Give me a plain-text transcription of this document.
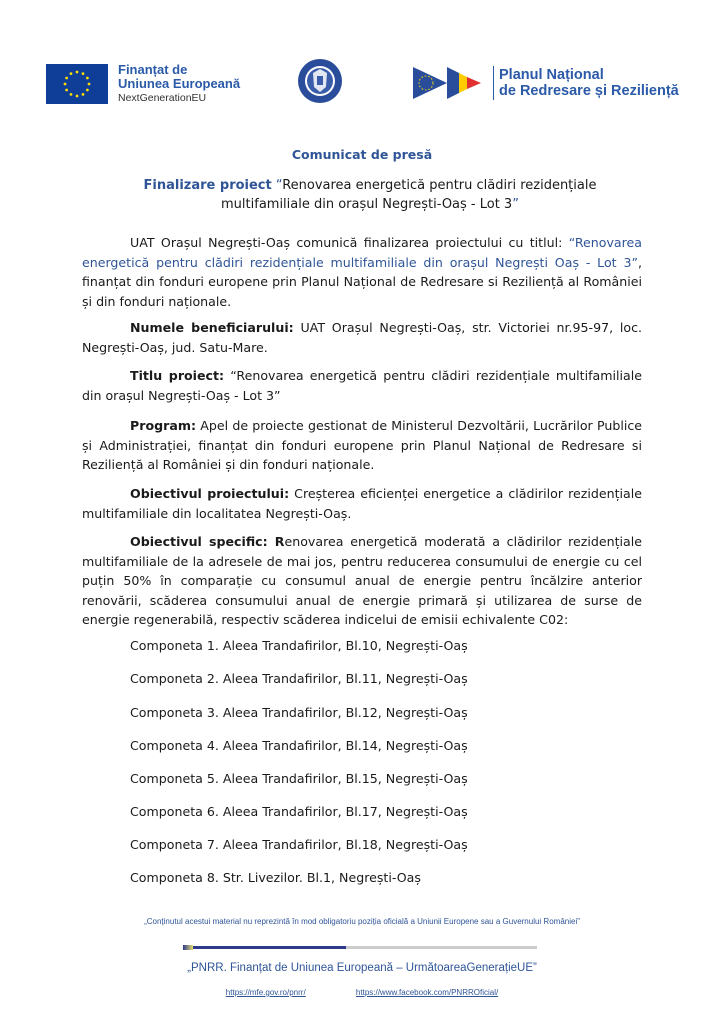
Finanțat de
Uniunea Europeană
NextGenerationEU
Planul Național
de Redresare și Reziliență
Comunicat de presă
Finalizare proiect “Renovarea energetică pentru clădiri rezidențiale multifamiliale din orașul Negrești-Oaș - Lot 3”
UAT Orașul Negrești-Oaș comunică finalizarea proiectului cu titlul: “Renovarea energetică pentru clădiri rezidențiale multifamiliale din orașul Negrești Oaș - Lot 3”, finanțat din fonduri europene prin Planul Național de Redresare si Reziliență al României și din fonduri naționale.
Numele beneficiarului: UAT Orașul Negrești-Oaș, str. Victoriei nr.95-97, loc. Negrești-Oaș, jud. Satu-Mare.
Titlu proiect: “Renovarea energetică pentru clădiri rezidențiale multifamiliale din orașul Negrești-Oaș - Lot 3”
Program: Apel de proiecte gestionat de Ministerul Dezvoltării, Lucrărilor Publice și Administrației, finanțat din fonduri europene prin Planul Național de Redresare si Reziliență al României și din fonduri naționale.
Obiectivul proiectului: Creșterea eficienței energetice a clădirilor rezidențiale multifamiliale din localitatea Negrești-Oaș.
Obiectivul specific: Renovarea energetică moderată a clădirilor rezidențiale multifamiliale de la adresele de mai jos, pentru reducerea consumului de energie cu cel puțin 50% în comparație cu consumul anual de energie pentru încălzire anterior renovării, scăderea consumului anual de energie primară și utilizarea de surse de energie regenerabilă, respectiv scăderea indicelui de emisii echivalente C02:
Componeta 1. Aleea Trandafirilor, Bl.10, Negrești-Oaș
Componeta 2. Aleea Trandafirilor, Bl.11, Negrești-Oaș
Componeta 3. Aleea Trandafirilor, Bl.12, Negrești-Oaș
Componeta 4. Aleea Trandafirilor, Bl.14, Negrești-Oaș
Componeta 5. Aleea Trandafirilor, Bl.15, Negrești-Oaș
Componeta 6. Aleea Trandafirilor, Bl.17, Negrești-Oaș
Componeta 7. Aleea Trandafirilor, Bl.18, Negrești-Oaș
Componeta 8. Str. Livezilor. Bl.1, Negrești-Oaș
„Conținutul acestui material nu reprezintă în mod obligatoriu poziția oficială a Uniunii Europene sau a Guvernului României”
„PNRR. Finanțat de Uniunea Europeană – UrmătoareaGenerațieUE”
https://mfe.gov.ro/pnrr/	https://www.facebook.com/PNRROficial/
